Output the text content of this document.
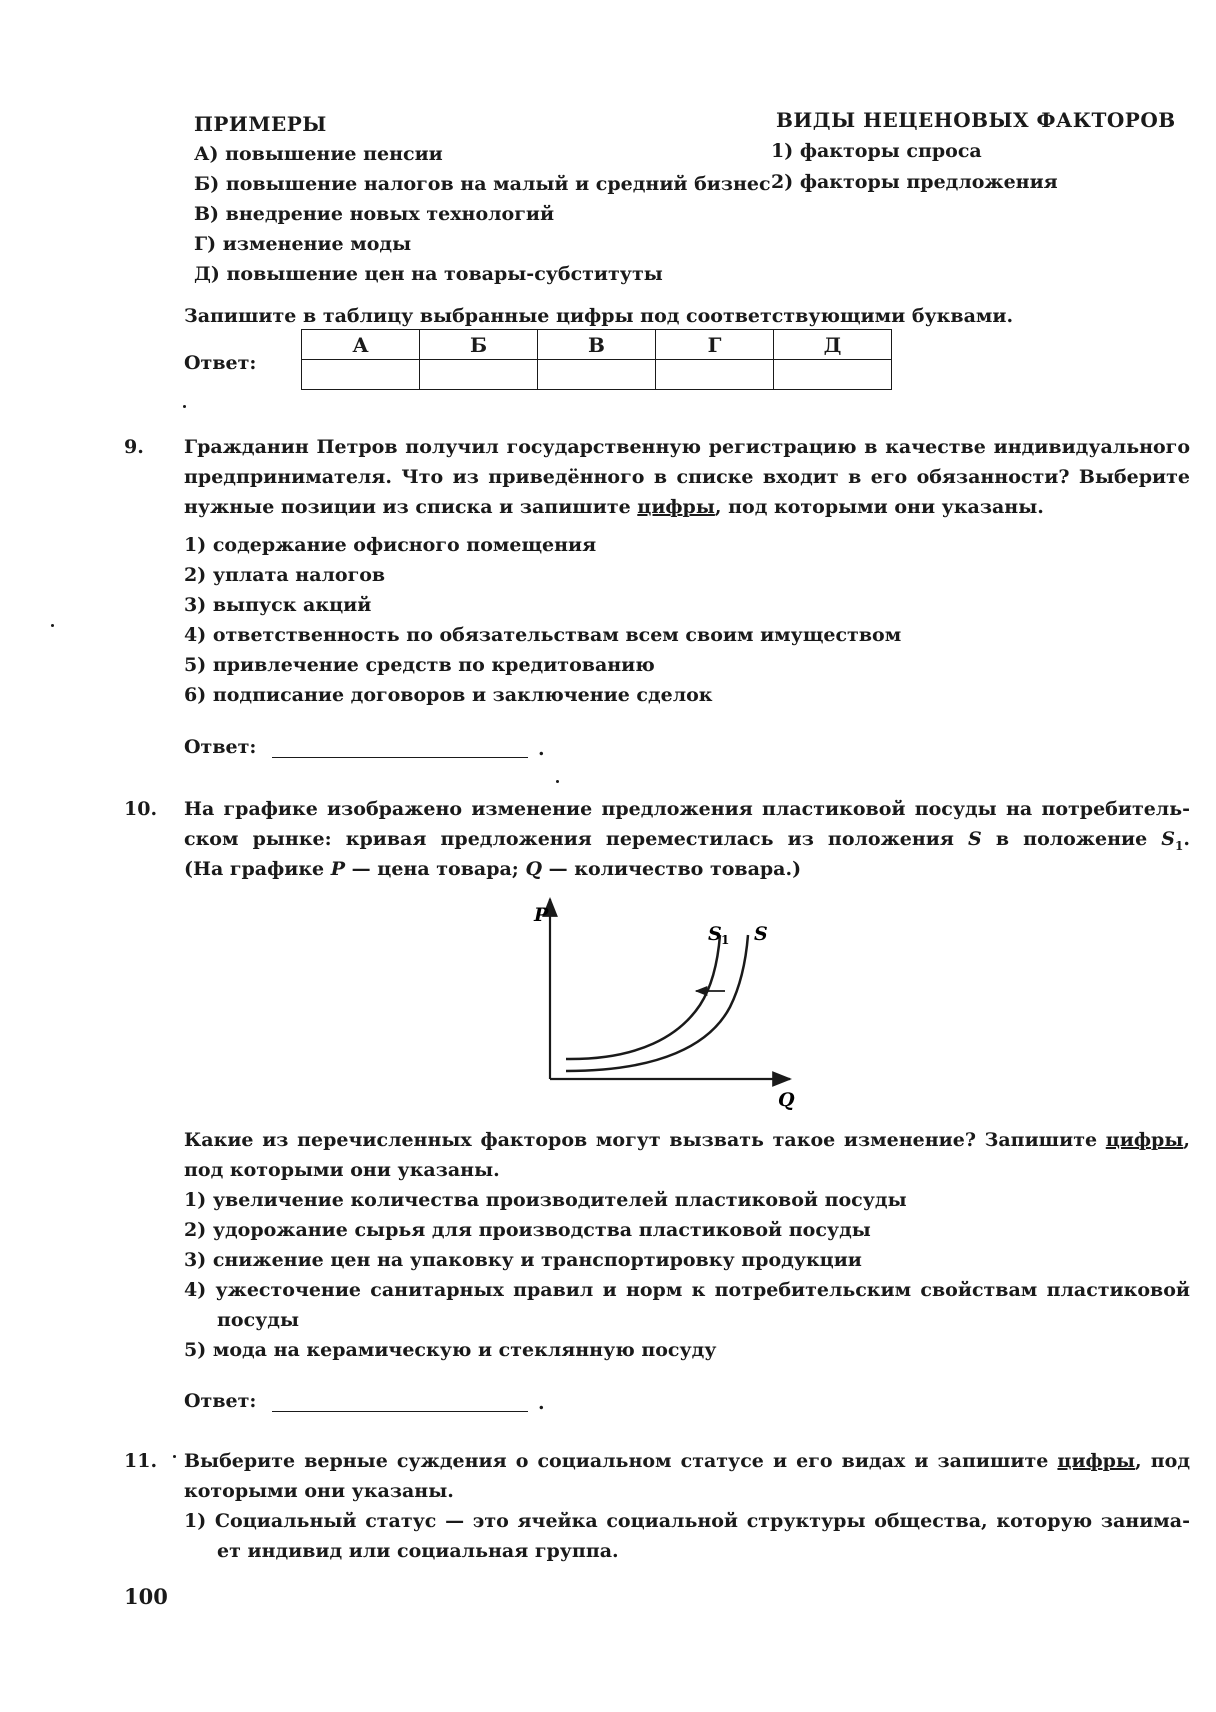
ПРИМЕРЫ	ВИДЫ НЕЦЕНОВЫХ ФАКТОРОВ
А) повышение пенсии
Б) повышение налогов на малый и средний бизнес
В) внедрение новых технологий
Г) изменение моды
Д) повышение цен на товары-субституты
1) факторы спроса
2) факторы предложения
Запишите в таблицу выбранные цифры под соответствующими буквами.
Ответ:
А	Б	В	Г	Д

9. Гражданин Петров получил государственную регистрацию в качестве индивидуального
предпринимателя. Что из приведённого в списке входит в его обязанности? Выберите
нужные позиции из списка и запишите цифры, под которыми они указаны.
1) содержание офисного помещения
2) уплата налогов
3) выпуск акций
4) ответственность по обязательствам всем своим имуществом
5) привлечение средств по кредитованию
6) подписание договоров и заключение сделок
Ответ:	.
10. На графике изображено изменение предложения пластиковой посуды на потребитель-
ском рынке: кривая предложения переместилась из положения S в положение $S_1$.
(На графике P — цена товара; Q — количество товара.)
P
Q
S 1 S
Какие из перечисленных факторов могут вызвать такое изменение? Запишите цифры,
под которыми они указаны.
1) увеличение количества производителей пластиковой посуды
2) удорожание сырья для производства пластиковой посуды
3) снижение цен на упаковку и транспортировку продукции
4) ужесточение санитарных правил и норм к потребительским свойствам пластиковой
посуды
5) мода на керамическую и стеклянную посуду
Ответ:	.
11. Выберите верные суждения о социальном статусе и его видах и запишите цифры, под
которыми они указаны.
1) Социальный статус — это ячейка социальной структуры общества, которую занима-
ет индивид или социальная группа.
100
